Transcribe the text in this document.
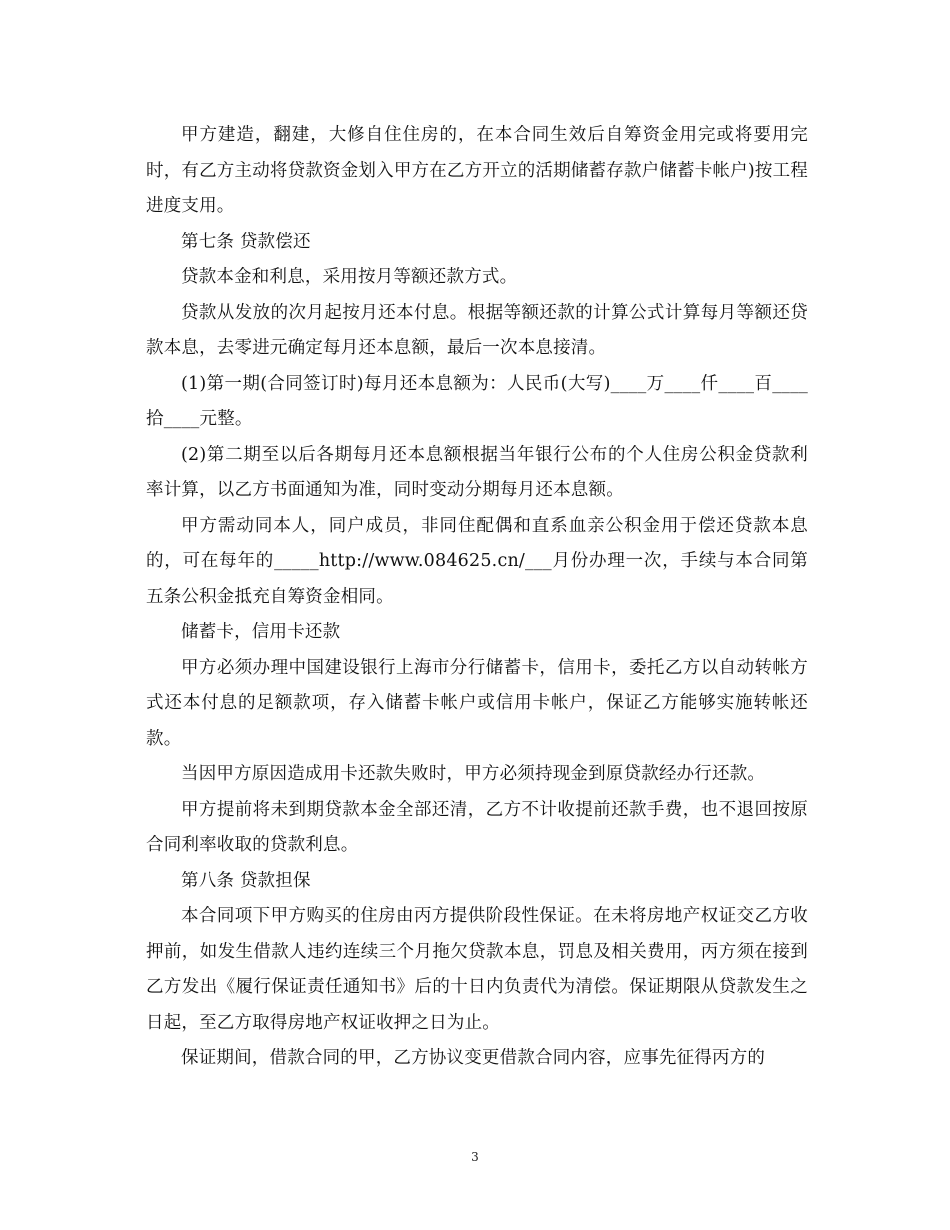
甲方建造，翻建，大修自住住房的，在本合同生效后自筹资金用完或将要用完时，有乙方主动将贷款资金划入甲方在乙方开立的活期储蓄存款户储蓄卡帐户)按工程进度支用。

第七条 贷款偿还

贷款本金和利息，采用按月等额还款方式。

贷款从发放的次月起按月还本付息。根据等额还款的计算公式计算每月等额还贷款本息，去零进元确定每月还本息额，最后一次本息接清。

(1)第一期(合同签订时)每月还本息额为：人民币(大写)____万____仟____百____拾____元整。

(2)第二期至以后各期每月还本息额根据当年银行公布的个人住房公积金贷款利率计算，以乙方书面通知为准，同时变动分期每月还本息额。

甲方需动同本人，同户成员，非同住配偶和直系血亲公积金用于偿还贷款本息的，可在每年的_____http://www.084625.cn/___月份办理一次，手续与本合同第五条公积金抵充自筹资金相同。

储蓄卡，信用卡还款

甲方必须办理中国建设银行上海市分行储蓄卡，信用卡，委托乙方以自动转帐方式还本付息的足额款项，存入储蓄卡帐户或信用卡帐户，保证乙方能够实施转帐还款。

当因甲方原因造成用卡还款失败时，甲方必须持现金到原贷款经办行还款。

甲方提前将未到期贷款本金全部还清，乙方不计收提前还款手费，也不退回按原合同利率收取的贷款利息。

第八条 贷款担保

本合同项下甲方购买的住房由丙方提供阶段性保证。在未将房地产权证交乙方收押前，如发生借款人违约连续三个月拖欠贷款本息，罚息及相关费用，丙方须在接到乙方发出《履行保证责任通知书》后的十日内负责代为清偿。保证期限从贷款发生之日起，至乙方取得房地产权证收押之日为止。

保证期间，借款合同的甲，乙方协议变更借款合同内容，应事先征得丙方的

3
